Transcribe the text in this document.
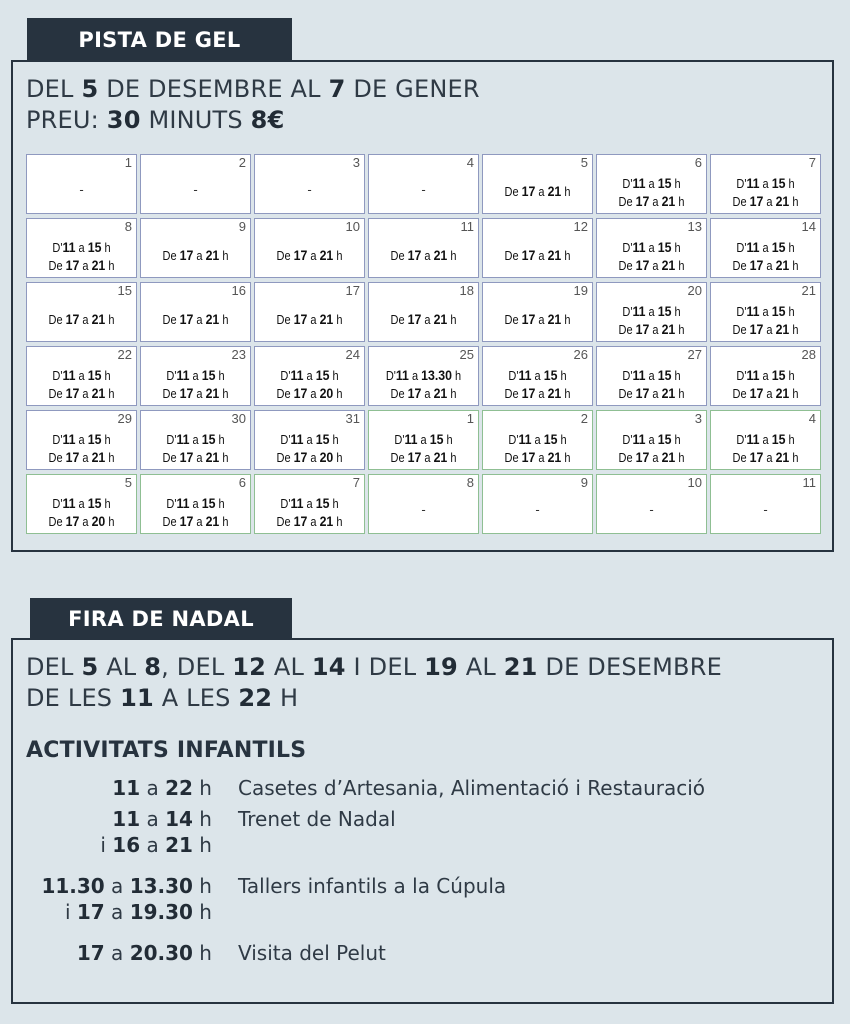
PISTA DE GEL
DEL 5 DE DESEMBRE AL 7 DE GENER
PREU: 30 MINUTS 8€
1
-
2
-
3
-
4
-
5
De 17 a 21 h
6
D'11 a 15 h
De 17 a 21 h
7
D'11 a 15 h
De 17 a 21 h
8
D'11 a 15 h
De 17 a 21 h
9
De 17 a 21 h
10
De 17 a 21 h
11
De 17 a 21 h
12
De 17 a 21 h
13
D'11 a 15 h
De 17 a 21 h
14
D'11 a 15 h
De 17 a 21 h
15
De 17 a 21 h
16
De 17 a 21 h
17
De 17 a 21 h
18
De 17 a 21 h
19
De 17 a 21 h
20
D'11 a 15 h
De 17 a 21 h
21
D'11 a 15 h
De 17 a 21 h
22
D'11 a 15 h
De 17 a 21 h
23
D'11 a 15 h
De 17 a 21 h
24
D'11 a 15 h
De 17 a 20 h
25
D'11 a 13.30 h
De 17 a 21 h
26
D'11 a 15 h
De 17 a 21 h
27
D'11 a 15 h
De 17 a 21 h
28
D'11 a 15 h
De 17 a 21 h
29
D'11 a 15 h
De 17 a 21 h
30
D'11 a 15 h
De 17 a 21 h
31
D'11 a 15 h
De 17 a 20 h
1
D'11 a 15 h
De 17 a 21 h
2
D'11 a 15 h
De 17 a 21 h
3
D'11 a 15 h
De 17 a 21 h
4
D'11 a 15 h
De 17 a 21 h
5
D'11 a 15 h
De 17 a 20 h
6
D'11 a 15 h
De 17 a 21 h
7
D'11 a 15 h
De 17 a 21 h
8
-
9
-
10
-
11
-
FIRA DE NADAL
DEL 5 AL 8, DEL 12 AL 14 I DEL 19 AL 21 DE DESEMBRE
DE LES 11 A LES 22 H
ACTIVITATS INFANTILS
11 a 22 h Casetes d’Artesania, Alimentació i Restauració
11 a 14 h
i 16 a 21 h
Trenet de Nadal
11.30 a 13.30 h
i 17 a 19.30 h
Tallers infantils a la Cúpula
17 a 20.30 h Visita del Pelut
